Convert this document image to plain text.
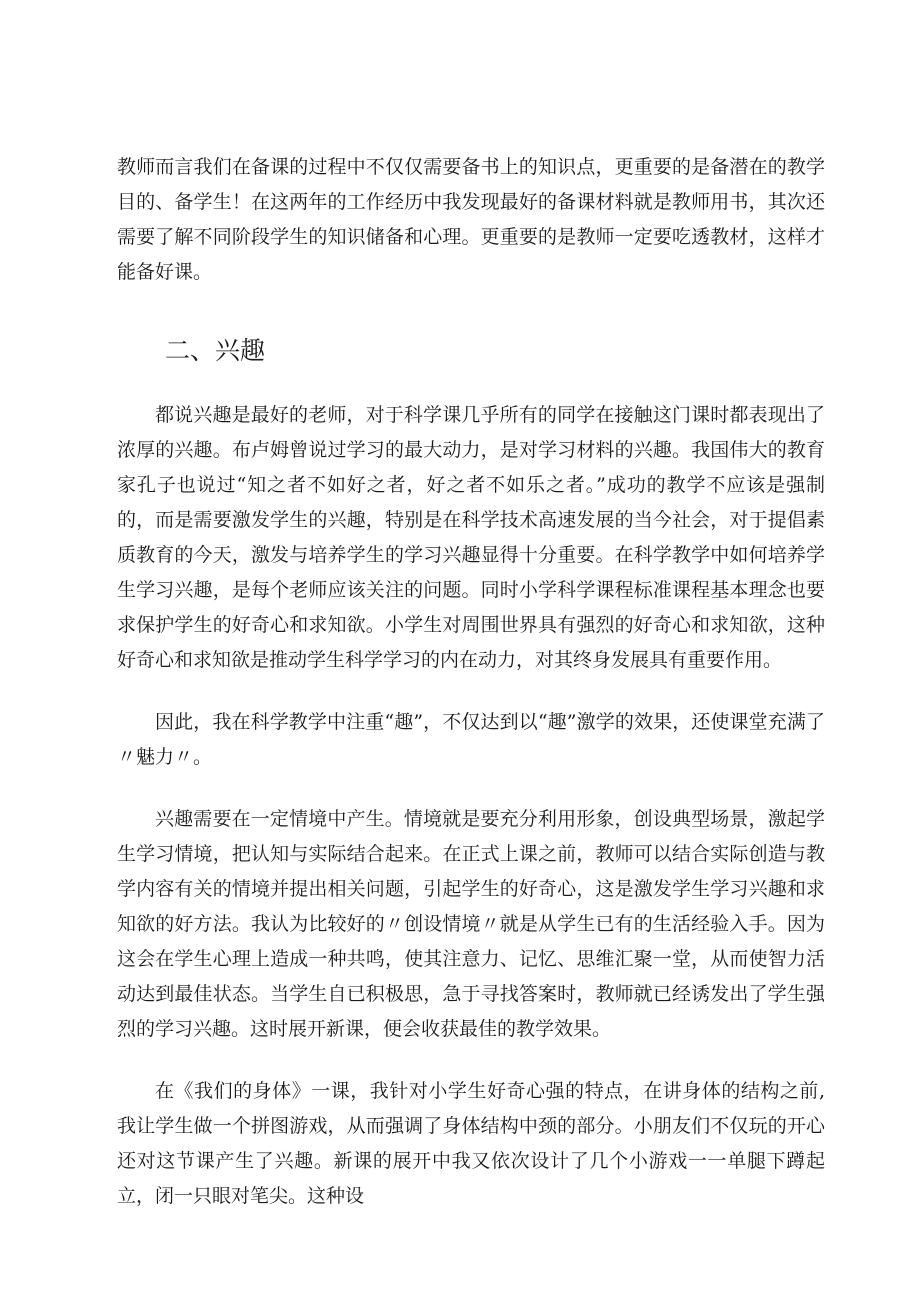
教师而言我们在备课的过程中不仅仅需要备书上的知识点，更重要的是备潜在的教学目的、备学生！在这两年的工作经历中我发现最好的备课材料就是教师用书，其次还需要了解不同阶段学生的知识储备和心理。更重要的是教师一定要吃透教材，这样才能备好课。

二、兴趣

都说兴趣是最好的老师，对于科学课几乎所有的同学在接触这门课时都表现出了浓厚的兴趣。布卢姆曾说过学习的最大动力，是对学习材料的兴趣。我国伟大的教育家孔子也说过“知之者不如好之者，好之者不如乐之者。”成功的教学不应该是强制的，而是需要激发学生的兴趣，特别是在科学技术高速发展的当今社会，对于提倡素质教育的今天，激发与培养学生的学习兴趣显得十分重要。在科学教学中如何培养学生学习兴趣，是每个老师应该关注的问题。同时小学科学课程标准课程基本理念也要求保护学生的好奇心和求知欲。小学生对周围世界具有强烈的好奇心和求知欲，这种好奇心和求知欲是推动学生科学学习的内在动力，对其终身发展具有重要作用。

因此，我在科学教学中注重“趣”，不仅达到以“趣”激学的效果，还使课堂充满了〃魅力〃。

兴趣需要在一定情境中产生。情境就是要充分利用形象，创设典型场景，激起学生学习情境，把认知与实际结合起来。在正式上课之前，教师可以结合实际创造与教学内容有关的情境并提出相关问题，引起学生的好奇心，这是激发学生学习兴趣和求知欲的好方法。我认为比较好的〃创设情境〃就是从学生已有的生活经验入手。因为这会在学生心理上造成一种共鸣，使其注意力、记忆、思维汇聚一堂，从而使智力活动达到最佳状态。当学生自已积极思，急于寻找答案时，教师就已经诱发出了学生强烈的学习兴趣。这时展开新课，便会收获最佳的教学效果。

在《我们的身体》一课，我针对小学生好奇心强的特点，在讲身体的结构之前,我让学生做一个拼图游戏，从而强调了身体结构中颈的部分。小朋友们不仅玩的开心还对这节课产生了兴趣。新课的展开中我又依次设计了几个小游戏一一单腿下蹲起立，闭一只眼对笔尖。这种设
